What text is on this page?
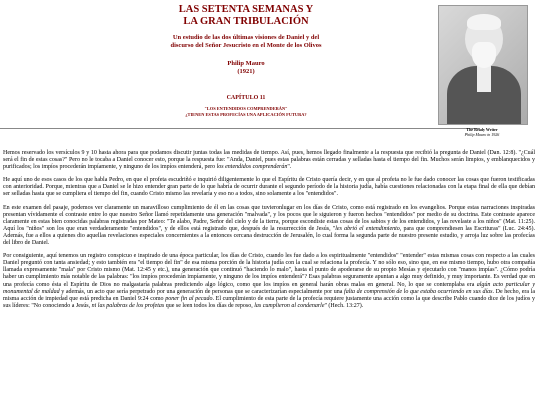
LAS SETENTA SEMANAS Y
LA GRAN TRIBULACIÓN
Un estudio de las dos últimas visiones de Daniel y del
discurso del Señor Jesucristo en el Monte de los Olivos
Philip Mauro
(1921)
CAPÍTULO 11
"LOS ENTENDIDOS COMPRENDERÁN"
¿TIENEN ESTAS PROFECÍAS UNA APLICACIÓN FUTURA?
The Ready Writer
Philip Mauro in 1926

Hemos reservado los versículos 9 y 10 hasta ahora para que podamos discutir juntas todas las medidas de tiempo. Así, pues, hemos llegado finalmente a la respuesta que recibió la pregunta de Daniel (Dan. 12:8). "¿Cuál será el fin de estas cosas?" Pero no le tocaba a Daniel conocer esto, porque la respuesta fue: "Anda, Daniel, pues estas palabras están cerradas y selladas hasta el tiempo del fin. Muchos serán limpios, y emblanquecidos y purificados; los impíos procederán impíamente, y ninguno de los impíos entenderá, pero los entendidos comprenderán".

He aquí uno de esos casos de los que habla Pedro, en que el profeta escudriñó e inquirió diligentemente lo que el Espíritu de Cristo quería decir, y en que al profeta no le fue dado conocer las cosas que fueron testificadas con anterioridad. Porque, mientras que a Daniel se le hizo entender gran parte de lo que habría de ocurrir durante el segundo período de la historia judía, había cuestiones relacionadas con la etapa final de ella que debían ser selladas hasta que se cumpliera el tiempo del fin, cuando Cristo mismo las revelaría y eso no a todos, sino solamente a los "entendidos".

En este examen del pasaje, podemos ver claramente un maravilloso cumplimiento de él en las cosas que tuvieronlugar en los días de Cristo, como está registrado en los evangelios. Porque estas narraciones inspiradas presentan vívidamente el contraste entre lo que nuestro Señor llamó repetidamente una generación "malvada", y los pocos que le siguieron y fueron hechos "entendidos" por medio de su doctrina. Este contraste aparece claramente en estas bien conocidas palabras registradas por Mateo: "Te alabo, Padre, Señor del cielo y de la tierra, porque escondiste estas cosas de los sabios y de los entendidos, y las revelaste a los niños" (Mat. 11:25). Aquí los "niños" son los que eran verdaderamente "entendidos", y de ellos está registrado que, después de la resurrección de Jesús, "les abrió el entendimiento, para que comprendiesen las Escrituras" (Luc. 24:45). Además, fue a ellos a quienes dio aquellas revelaciones especiales concernientes a la entonces cercana destrucción de Jerusalén, lo cual forma la segunda parte de nuestro presente estudio, y arroja luz sobre las profecías del libro de Daniel.

Por consiguiente, aquí tenemos un registro conspicuo e inspirado de una época particular, los días de Cristo, cuando les fue dado a los espiritualmente "entendidos" "entender" estas mismas cosas con respecto a las cuales Daniel preguntó con tanta ansiedad; y esto también era "el tiempo del fin" de esa misma porción de la historia judía con la cual se relaciona la profecía. Y no sólo eso, sino que, en ese mismo tiempo, hubo otra compañía llamada expresamente "mala" por Cristo mismo (Mat. 12:45 y etc.), una generación que continuó "haciendo lo malo", hasta el punto de apoderarse de su propio Mesías y ejecutarlo con "manos impías". ¿Cómo podría haber un cumplimiento más notable de las palabras: "los impíos procederán impíamente, y ninguno de los impíos entenderá"? Esas palabras seguramente apuntan a algo muy definido, y muy importante. Es verdad que en una profecía como ésta el Espíritu de Dios no malgastaría palabras prediciendo algo lógico, como que los impíos en general harán obras malas en general. No, lo que se contemplaba era algún acto particular y monumental de maldad y además, un acto que sería perpetrado por una generación de personas que se caracterizarían especialmente por una falta de comprensión de lo que estaba ocurriendo en sus días. De hecho, era la misma acción de impiedad que está predicha en Daniel 9:24 como poner fin al pecado. El cumplimiento de esta parte de la profecía requiere justamente una acción como la que describe Pablo cuando dice de los judíos y sus líderes: "No conociendo a Jesús, ni las palabras de los profetas que se leen todos los días de reposo, las cumplieron al condenarle" (Hech. 13:27).
